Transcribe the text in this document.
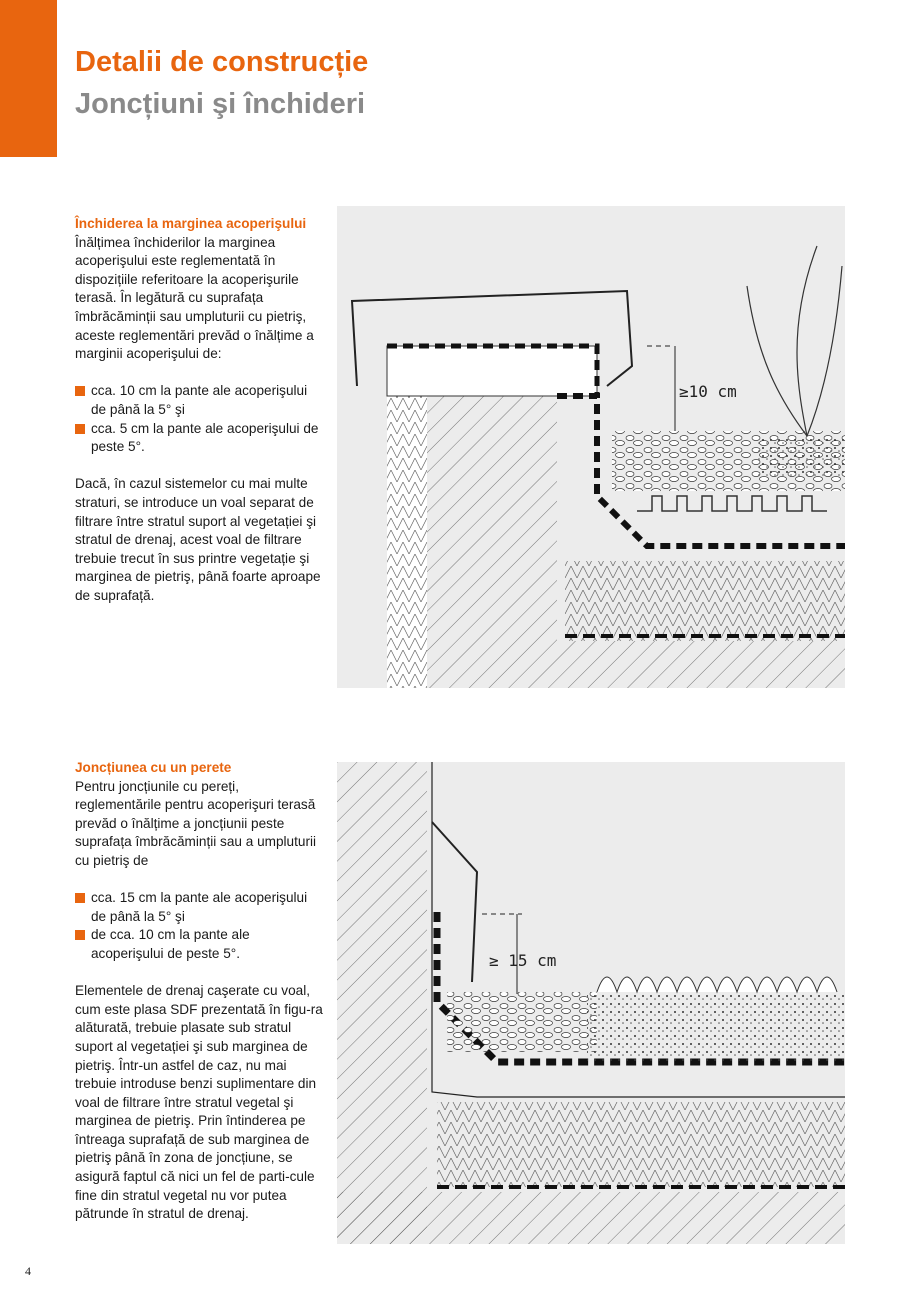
Detalii de construcție
Joncțiuni şi închideri
Închiderea la marginea acoperişului

Înălțimea închiderilor la marginea acoperişului este reglementată în dispozițiile referitoare la acoperişurile terasă. În legătură cu suprafața îmbrăcăminții sau umpluturii cu pietriş, aceste reglementări prevăd o înălțime a marginii acoperişului de:

cca. 10 cm la pante ale acoperişului de până la 5° şi
cca. 5 cm la pante ale acoperişului de peste 5°.

Dacă, în cazul sistemelor cu mai multe straturi, se introduce un voal separat de filtrare între stratul suport al vegetației şi stratul de drenaj, acest voal de filtrare trebuie trecut în sus printre vegetație şi marginea de pietriş, până foarte aproape de suprafață.

Joncțiunea cu un perete

Pentru joncțiunile cu pereți, reglementările pentru acoperişuri terasă prevăd o înălțime a joncțiunii peste suprafața îmbrăcăminții sau a umpluturii cu pietriş de

cca. 15 cm la pante ale acoperişului de până la 5° şi
de cca. 10 cm la pante ale acoperişului de peste 5°.

Elementele de drenaj caşerate cu voal, cum este plasa SDF prezentată în figu-ra alăturată, trebuie plasate sub stratul suport al vegetației şi sub marginea de pietriş. Într-un astfel de caz, nu mai trebuie introduse benzi suplimentare din voal de filtrare între stratul vegetal şi marginea de pietriş. Prin întinderea pe întreaga suprafață de sub marginea de pietriş până în zona de joncțiune, se asigură faptul că nici un fel de parti-cule fine din stratul vegetal nu vor putea pătrunde în stratul de drenaj.

≥10 cm
≥ 15 cm
4
